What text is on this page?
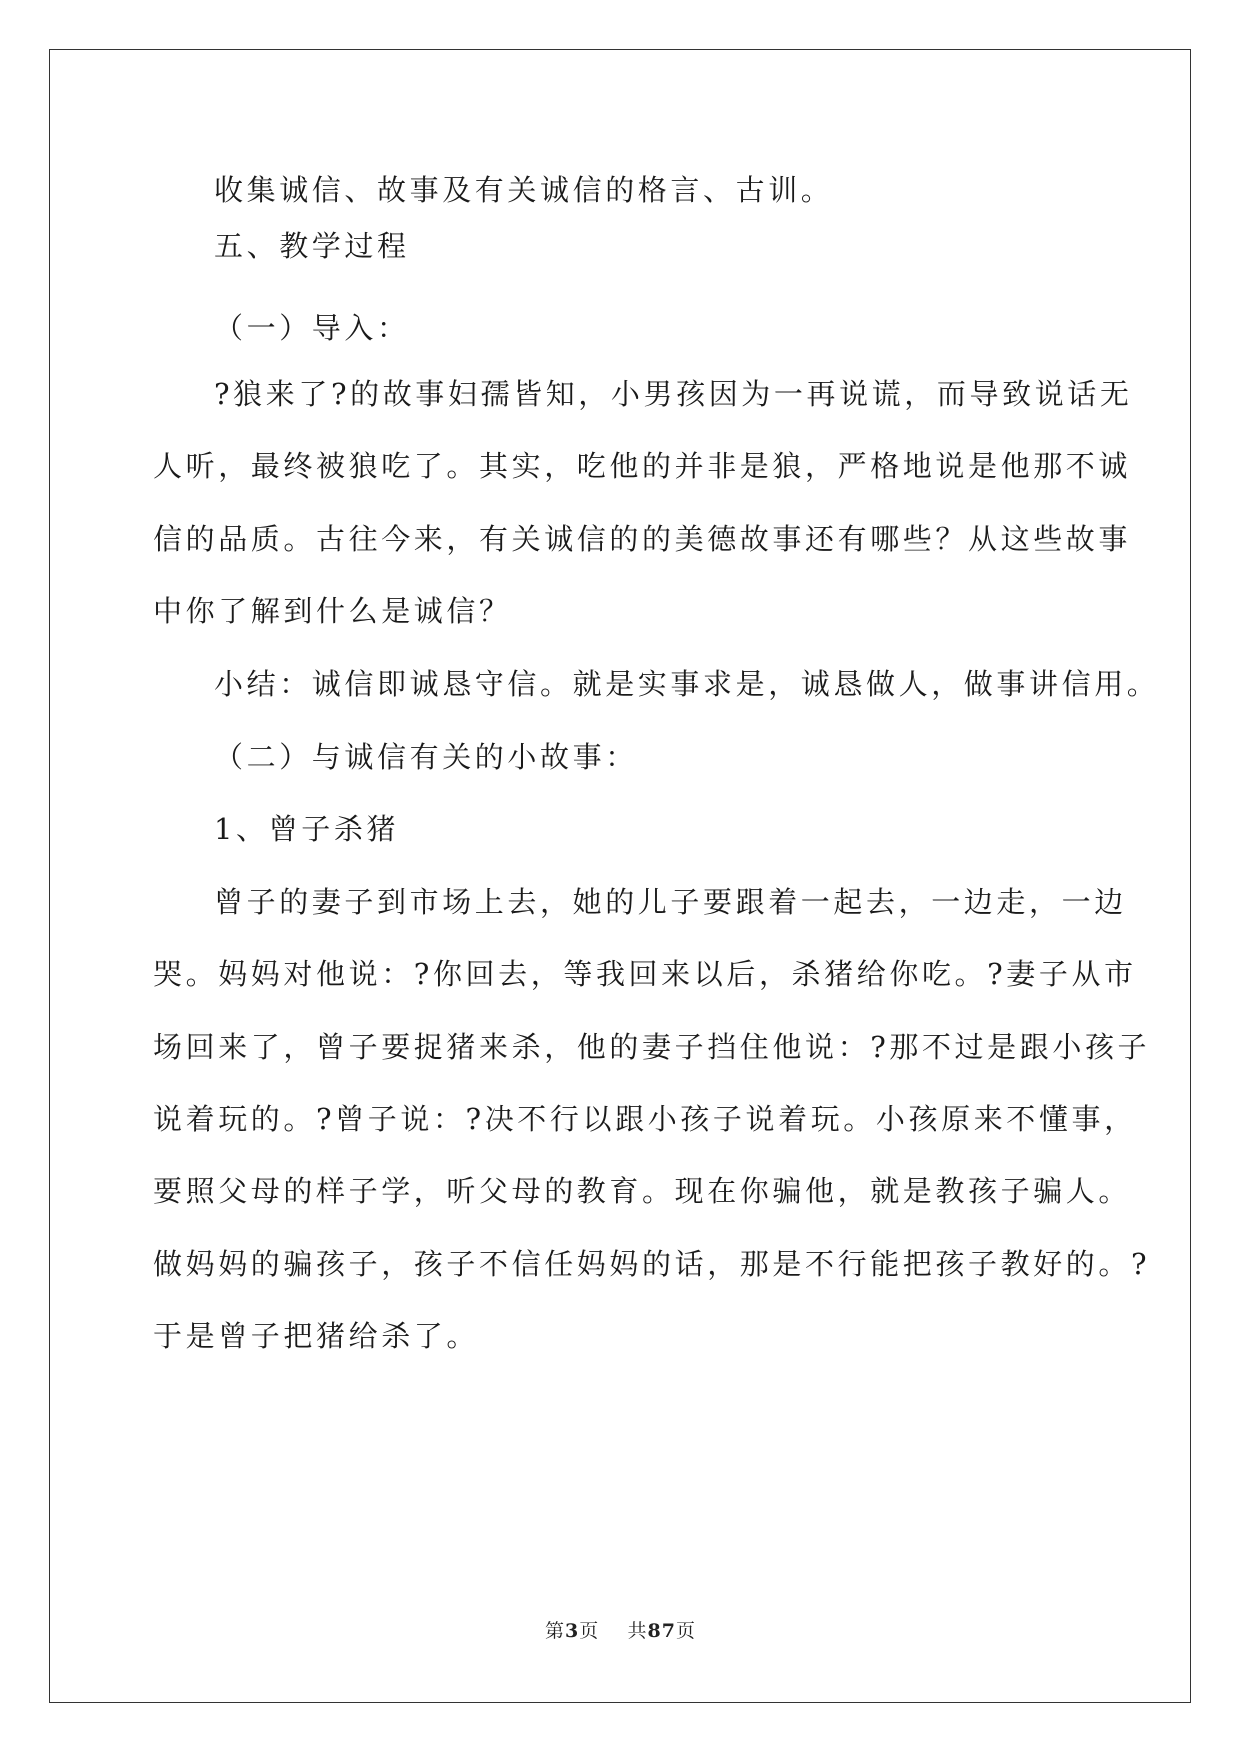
收集诚信、故事及有关诚信的格言、古训。
五、教学过程
（一）导入：
?狼来了?的故事妇孺皆知，小男孩因为一再说谎，而导致说话无
人听，最终被狼吃了。其实，吃他的并非是狼，严格地说是他那不诚
信的品质。古往今来，有关诚信的的美德故事还有哪些？从这些故事
中你了解到什么是诚信？
小结：诚信即诚恳守信。就是实事求是，诚恳做人，做事讲信用。
（二）与诚信有关的小故事：
1、曾子杀猪
曾子的妻子到市场上去，她的儿子要跟着一起去，一边走，一边
哭。妈妈对他说：?你回去，等我回来以后，杀猪给你吃。?妻子从市
场回来了，曾子要捉猪来杀，他的妻子挡住他说：?那不过是跟小孩子
说着玩的。?曾子说：?决不行以跟小孩子说着玩。小孩原来不懂事，
要照父母的样子学，听父母的教育。现在你骗他，就是教孩子骗人。
做妈妈的骗孩子，孩子不信任妈妈的话，那是不行能把孩子教好的。?
于是曾子把猪给杀了。
第3页 共87页
